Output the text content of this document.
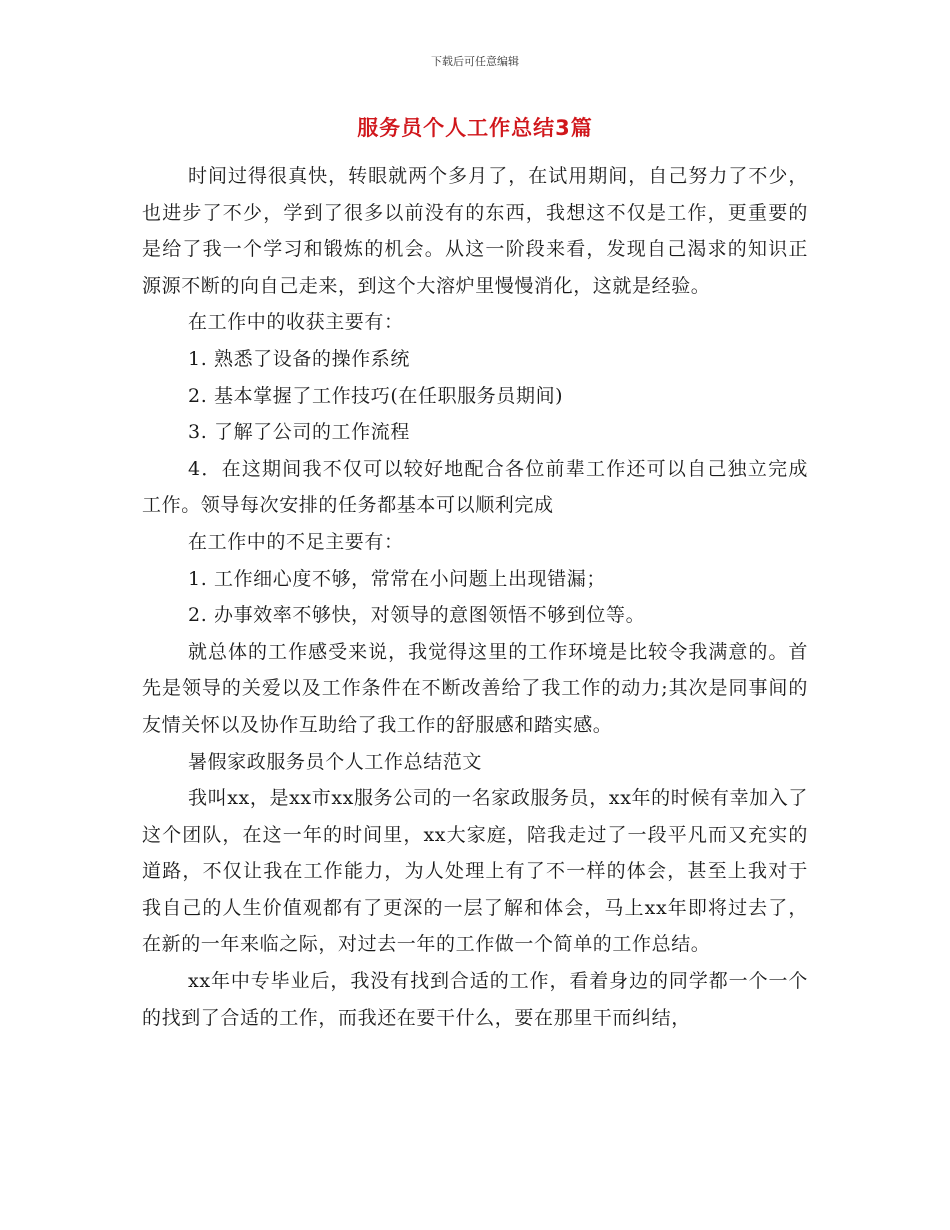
下载后可任意编辑
服务员个人工作总结3篇

时间过得很真快，转眼就两个多月了，在试用期间，自己努力了不少，也进步了不少，学到了很多以前没有的东西，我想这不仅是工作，更重要的是给了我一个学习和锻炼的机会。从这一阶段来看，发现自己渴求的知识正源源不断的向自己走来，到这个大溶炉里慢慢消化，这就是经验。

在工作中的收获主要有：

1. 熟悉了设备的操作系统

2. 基本掌握了工作技巧(在任职服务员期间)

3. 了解了公司的工作流程

4．在这期间我不仅可以较好地配合各位前辈工作还可以自己独立完成工作。领导每次安排的任务都基本可以顺利完成

在工作中的不足主要有：

1. 工作细心度不够，常常在小问题上出现错漏；

2. 办事效率不够快，对领导的意图领悟不够到位等。

就总体的工作感受来说，我觉得这里的工作环境是比较令我满意的。首先是领导的关爱以及工作条件在不断改善给了我工作的动力;其次是同事间的友情关怀以及协作互助给了我工作的舒服感和踏实感。

暑假家政服务员个人工作总结范文

我叫xx，是xx市xx服务公司的一名家政服务员，xx年的时候有幸加入了这个团队，在这一年的时间里，xx大家庭，陪我走过了一段平凡而又充实的道路，不仅让我在工作能力，为人处理上有了不一样的体会，甚至上我对于我自己的人生价值观都有了更深的一层了解和体会，马上xx年即将过去了，在新的一年来临之际，对过去一年的工作做一个简单的工作总结。

xx年中专毕业后，我没有找到合适的工作，看着身边的同学都一个一个的找到了合适的工作，而我还在要干什么，要在那里干而纠结，
